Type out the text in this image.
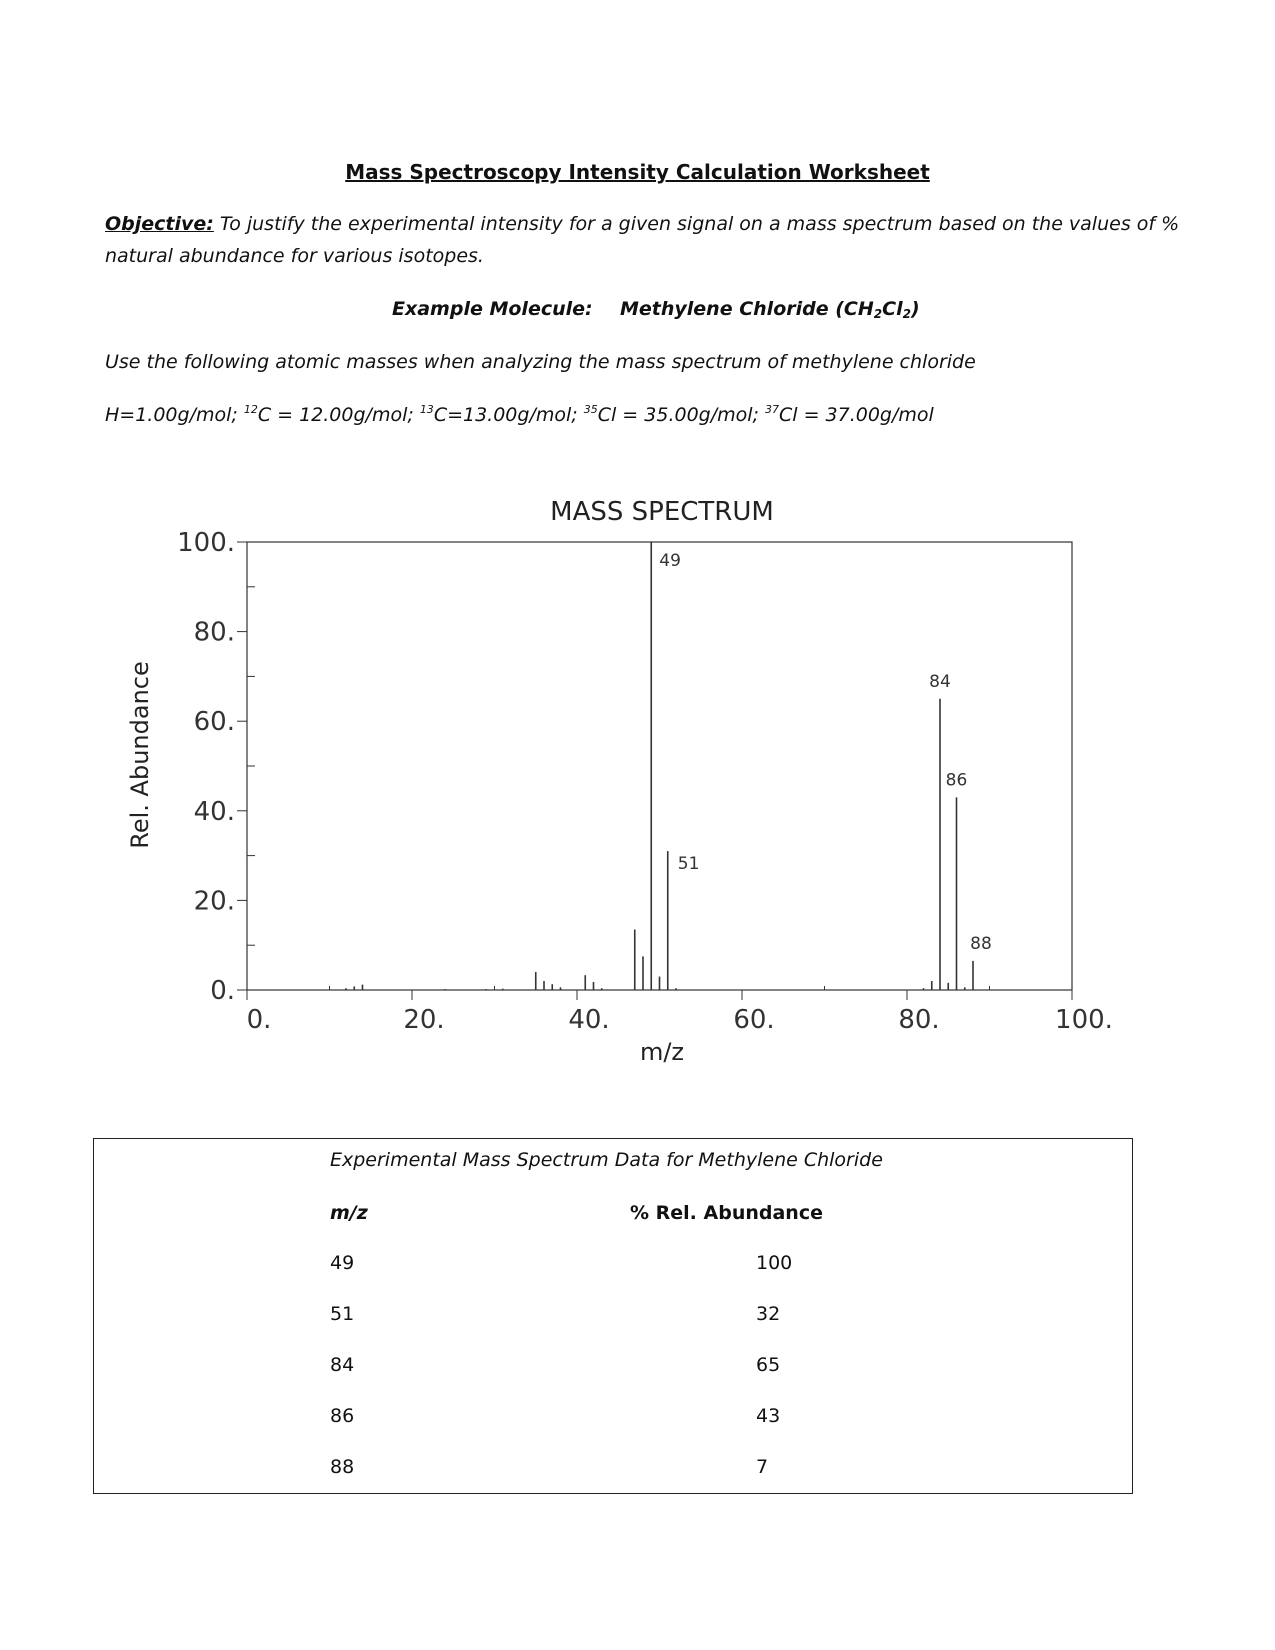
Mass Spectroscopy Intensity Calculation Worksheet
Objective: To justify the experimental intensity for a given signal on a mass spectrum based on the values of %
natural abundance for various isotopes.
Example Molecule: Methylene Chloride $(CH_2Cl_2)$
Use the following atomic masses when analyzing the mass spectrum of methylene chloride
H=1.00g/mol; $^{12}$C = 12.00g/mol; $^{13}$C=13.00g/mol; $^{35}$Cl = 35.00g/mol; $^{37}$Cl = 37.00g/mol
0.
20.
40.
60.
80.
100.
0.	20.	40.	60.	80.	100.
49
51
84
86
88
MASS SPECTRUM
m/z
Rel. Abundance
Experimental Mass Spectrum Data for Methylene Chloride
m/z	% Rel. Abundance
49	100
51	32
84	65
86	43
88	7
